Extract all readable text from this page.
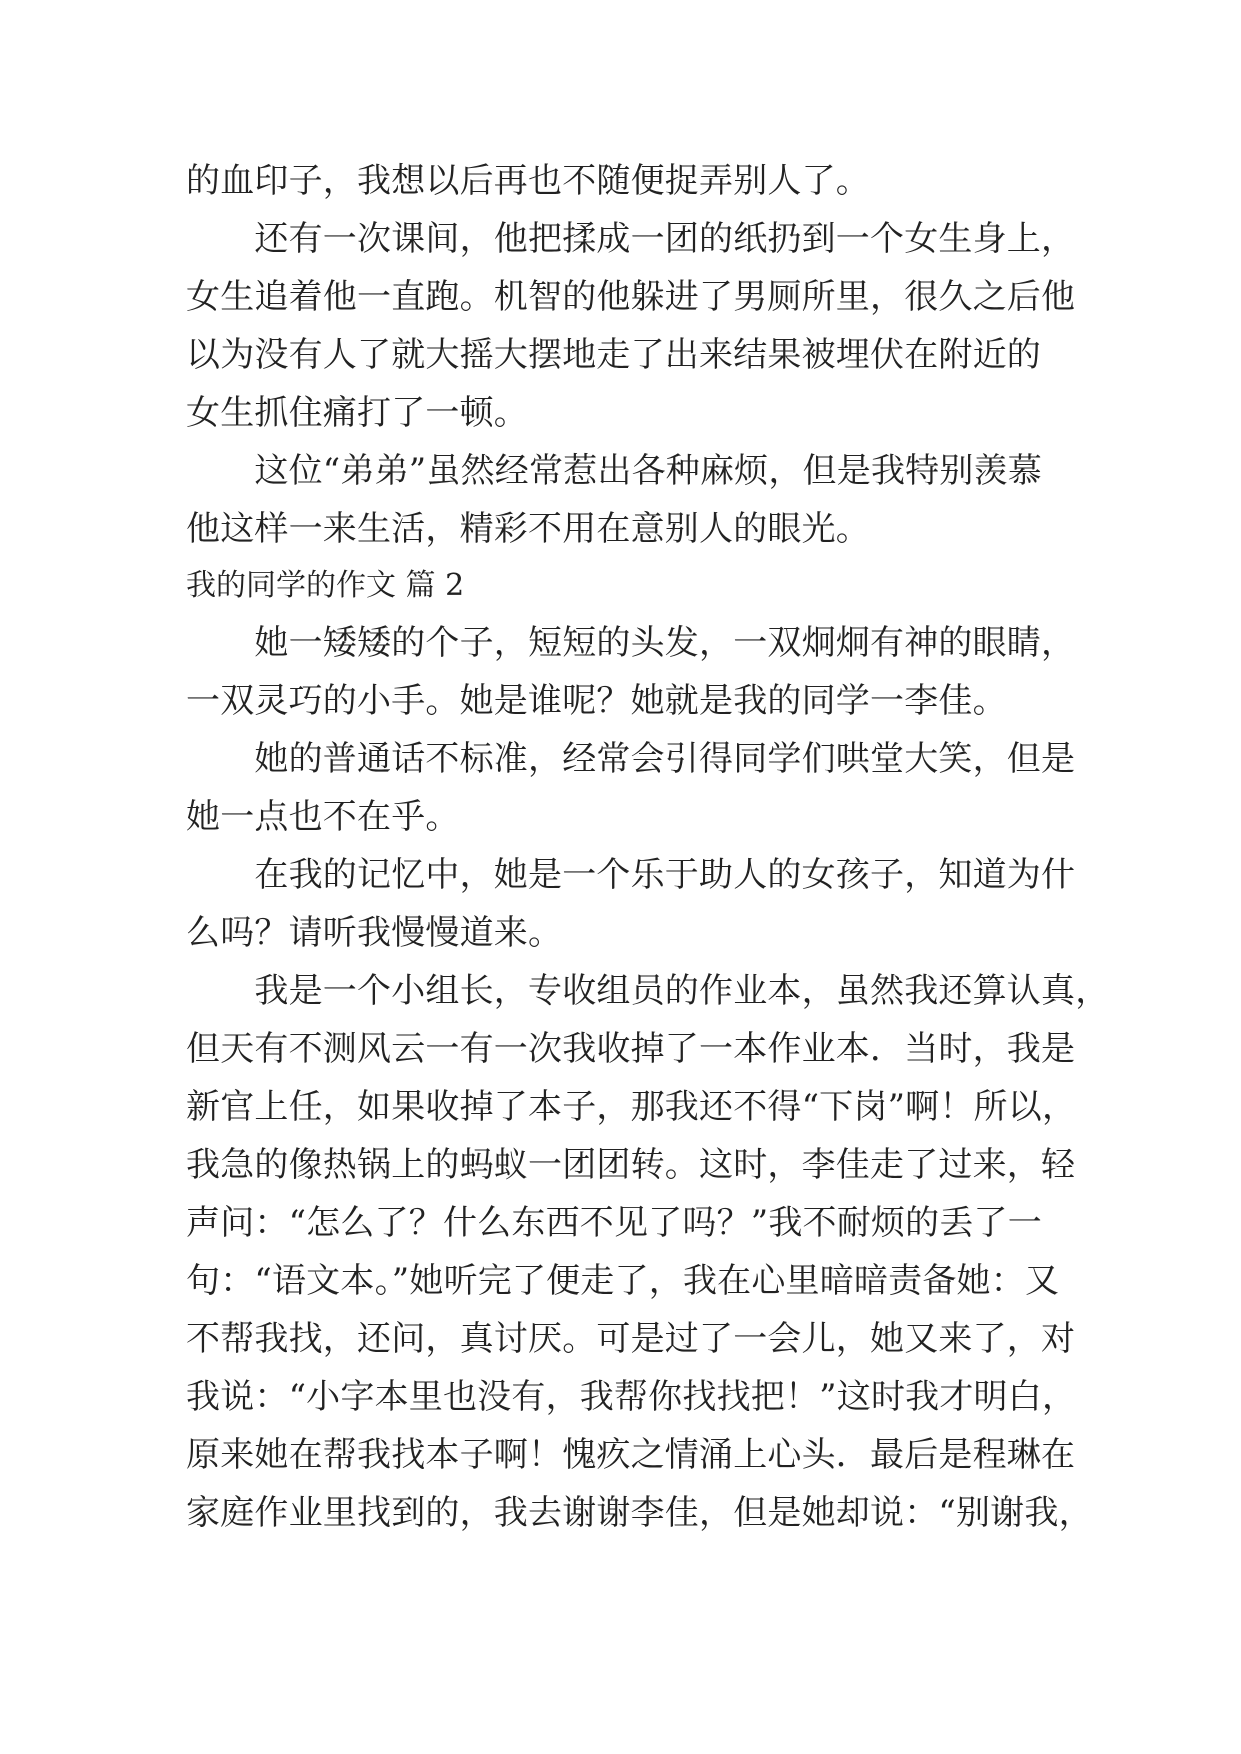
的血印子，我想以后再也不随便捉弄别人了。
　　还有一次课间，他把揉成一团的纸扔到一个女生身上，
女生追着他一直跑。机智的他躲进了男厕所里，很久之后他
以为没有人了就大摇大摆地走了出来结果被埋伏在附近的
女生抓住痛打了一顿。
　　这位“弟弟”虽然经常惹出各种麻烦，但是我特别羡慕
他这样一来生活，精彩不用在意别人的眼光。
我的同学的作文 篇 2
　　她一矮矮的个子，短短的头发，一双炯炯有神的眼睛，
一双灵巧的小手。她是谁呢？她就是我的同学一李佳。
　　她的普通话不标准，经常会引得同学们哄堂大笑，但是
她一点也不在乎。
　　在我的记忆中，她是一个乐于助人的女孩子，知道为什
么吗？请听我慢慢道来。
　　我是一个小组长，专收组员的作业本，虽然我还算认真，
但天有不测风云一有一次我收掉了一本作业本．当时，我是
新官上任，如果收掉了本子，那我还不得“下岗”啊！所以，
我急的像热锅上的蚂蚁一团团转。这时，李佳走了过来，轻
声问：“怎么了？什么东西不见了吗？”我不耐烦的丢了一
句：“语文本。”她听完了便走了，我在心里暗暗责备她：又
不帮我找，还问，真讨厌。可是过了一会儿，她又来了，对
我说：“小字本里也没有，我帮你找找把！”这时我才明白，
原来她在帮我找本子啊！愧疚之情涌上心头．最后是程琳在
家庭作业里找到的，我去谢谢李佳，但是她却说：“别谢我，
